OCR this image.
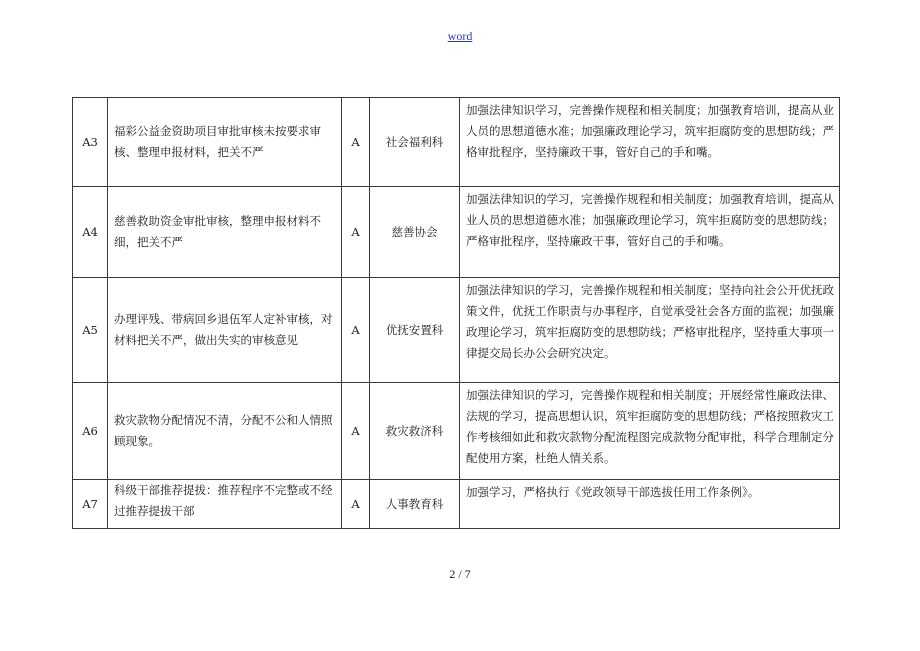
word
A3	福彩公益金资助项目审批审核未按要求审核、整理申报材料，把关不严	A	社会福利科	加强法律知识学习，完善操作规程和相关制度；加强教育培训，提高从业人员的思想道德水准；加强廉政理论学习，筑牢拒腐防变的思想防线；严格审批程序，坚持廉政干事，管好自己的手和嘴。
A4	慈善救助资金审批审核，整理申报材料不细，把关不严	A	慈善协会	加强法律知识的学习，完善操作规程和相关制度；加强教育培训，提高从业人员的思想道德水准；加强廉政理论学习，筑牢拒腐防变的思想防线；严格审批程序，坚持廉政干事，管好自己的手和嘴。
A5	办理评残、带病回乡退伍军人定补审核，对材料把关不严，做出失实的审核意见	A	优抚安置科	加强法律知识的学习，完善操作规程和相关制度；坚持向社会公开优抚政策文件，优抚工作职责与办事程序，自觉承受社会各方面的监视；加强廉政理论学习，筑牢拒腐防变的思想防线；严格审批程序，坚持重大事项一律提交局长办公会研究决定。
A6	救灾款物分配情况不清，分配不公和人情照顾现象。	A	救灾救济科	加强法律知识的学习，完善操作规程和相关制度；开展经常性廉政法律、法规的学习，提高思想认识，筑牢拒腐防变的思想防线；严格按照救灾工作考核细如此和救灾款物分配流程图完成款物分配审批，科学合理制定分配使用方案，杜绝人情关系。
A7	科级干部推荐提拔：推荐程序不完整或不经过推荐提拔干部	A	人事教育科	加强学习，严格执行《党政领导干部选拔任用工作条例》。
2 / 7
